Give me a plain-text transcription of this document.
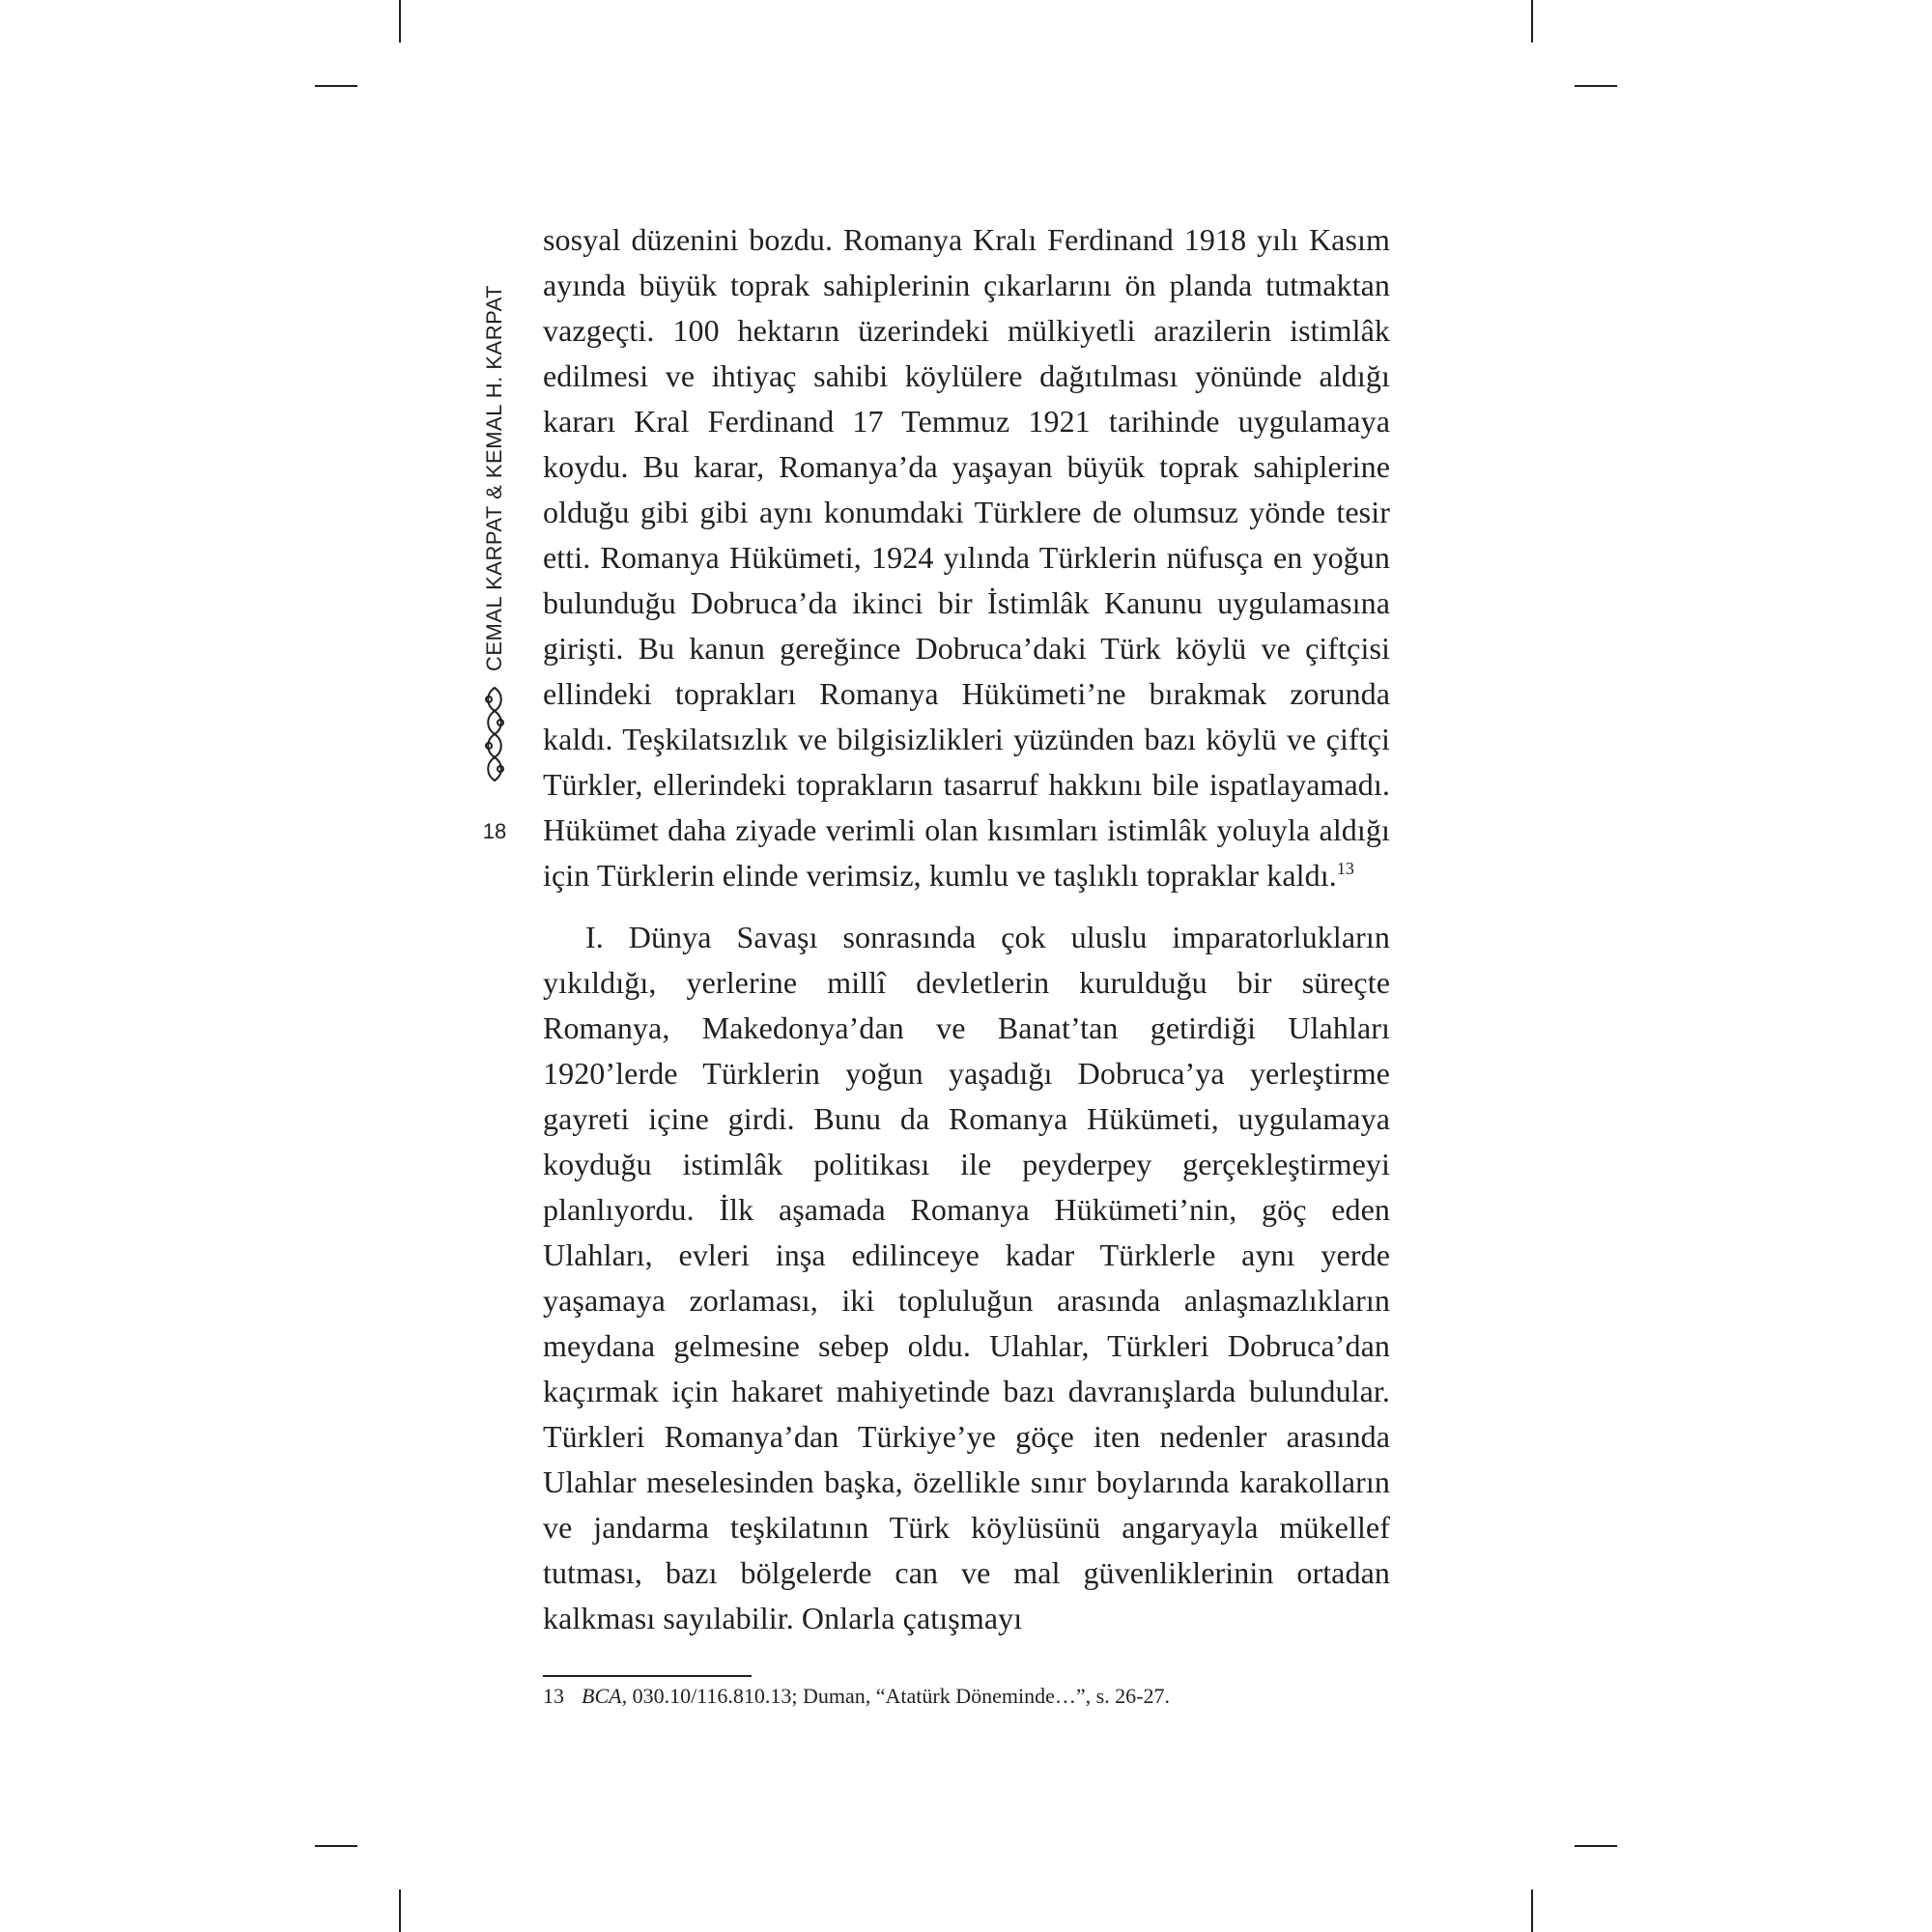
CEMAL KARPAT & KEMAL H. KARPAT
18

sosyal düzenini bozdu. Romanya Kralı Ferdinand 1918 yılı Kasım ayında büyük toprak sahiplerinin çıkarlarını ön planda tutmaktan vazgeçti. 100 hektarın üzerindeki mülkiyetli arazilerin istimlâk edilmesi ve ihtiyaç sahibi köylülere dağıtılması yönünde aldığı kararı Kral Ferdinand 17 Temmuz 1921 tarihinde uygulamaya koydu. Bu karar, Romanya’da yaşayan büyük toprak sahiplerine olduğu gibi gibi aynı konumdaki Türklere de olumsuz yönde tesir etti. Romanya Hükümeti, 1924 yılında Türklerin nüfusça en yoğun bulunduğu Dobruca’da ikinci bir İstimlâk Kanunu uygulamasına girişti. Bu kanun gereğince Dobruca’daki Türk köylü ve çiftçisi ellindeki toprakları Romanya Hükümeti’ne bırakmak zorunda kaldı. Teşkilatsızlık ve bilgisizlikleri yüzünden bazı köylü ve çiftçi Türkler, ellerindeki toprakların tasarruf hakkını bile ispatlayamadı. Hükümet daha ziyade verimli olan kısımları istimlâk yoluyla aldığı için Türklerin elinde verimsiz, kumlu ve taşlıklı topraklar kaldı.$^{13}$

I. Dünya Savaşı sonrasında çok uluslu imparatorlukların yıkıldığı, yerlerine millî devletlerin kurulduğu bir süreçte Romanya, Makedonya’dan ve Banat’tan getirdiği Ulahları 1920’lerde Türklerin yoğun yaşadığı Dobruca’ya yerleştirme gayreti içine girdi. Bunu da Romanya Hükümeti, uygulamaya koyduğu istimlâk politikası ile peyderpey gerçekleştirmeyi planlıyordu. İlk aşamada Romanya Hükümeti’nin, göç eden Ulahları, evleri inşa edilinceye kadar Türklerle aynı yerde yaşamaya zorlaması, iki topluluğun arasında anlaşmazlıkların meydana gelmesine sebep oldu. Ulahlar, Türkleri Dobruca’dan kaçırmak için hakaret mahiyetinde bazı davranışlarda bulundular. Türkleri Romanya’dan Türkiye’ye göçe iten nedenler arasında Ulahlar meselesinden başka, özellikle sınır boylarında karakolların ve jandarma teşkilatının Türk köylüsünü angaryayla mükellef tutması, bazı bölgelerde can ve mal güvenliklerinin ortadan kalkması sayılabilir. Onlarla çatışmayı

13 BCA, 030.10/116.810.13; Duman, “Atatürk Döneminde…”, s. 26-27.
